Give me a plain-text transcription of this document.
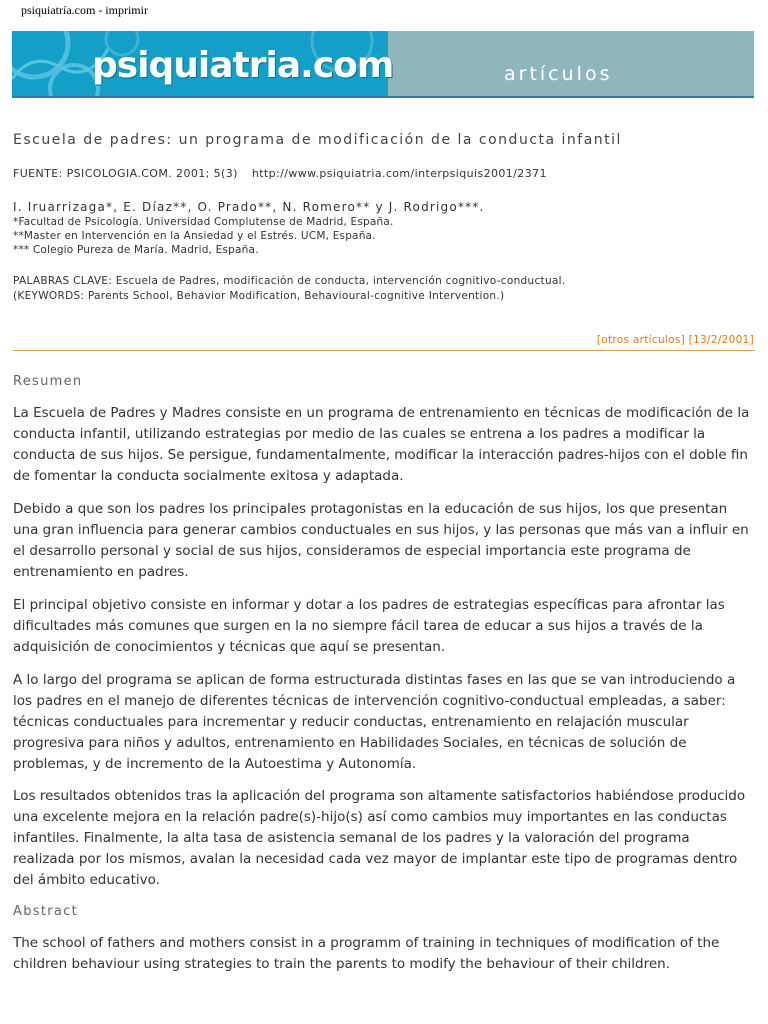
psiquiatría.com - imprimir
psiquiatria.com	artículos
Escuela de padres: un programa de modificación de la conducta infantil
FUENTE: PSICOLOGIA.COM. 2001; 5(3) http://www.psiquiatria.com/interpsiquis2001/2371
I. Iruarrizaga*, E. Díaz**, O. Prado**, N. Romero** y J. Rodrigo***.
*Facultad de Psicología. Universidad Complutense de Madrid, España.
**Master en Intervención en la Ansiedad y el Estrés. UCM, España.
*** Colegio Pureza de María. Madrid, España.
PALABRAS CLAVE: Escuela de Padres, modificación de conducta, intervención cognitivo-conductual.
(KEYWORDS: Parents School, Behavior Modification, Behavioural-cognitive Intervention.)
[otros artículos] [13/2/2001]
Resumen

La Escuela de Padres y Madres consiste en un programa de entrenamiento en técnicas de modificación de la conducta infantil, utilizando estrategias por medio de las cuales se entrena a los padres a modificar la conducta de sus hijos. Se persigue, fundamentalmente, modificar la interacción padres-hijos con el doble fin de fomentar la conducta socialmente exitosa y adaptada.

Debido a que son los padres los principales protagonistas en la educación de sus hijos, los que presentan una gran influencia para generar cambios conductuales en sus hijos, y las personas que más van a influir en el desarrollo personal y social de sus hijos, consideramos de especial importancia este programa de entrenamiento en padres.

El principal objetivo consiste en informar y dotar a los padres de estrategias específicas para afrontar las dificultades más comunes que surgen en la no siempre fácil tarea de educar a sus hijos a través de la adquisición de conocimientos y técnicas que aquí se presentan.

A lo largo del programa se aplican de forma estructurada distintas fases en las que se van introduciendo a los padres en el manejo de diferentes técnicas de intervención cognitivo-conductual empleadas, a saber: técnicas conductuales para incrementar y reducir conductas, entrenamiento en relajación muscular progresiva para niños y adultos, entrenamiento en Habilidades Sociales, en técnicas de solución de problemas, y de incremento de la Autoestima y Autonomía.

Los resultados obtenidos tras la aplicación del programa son altamente satisfactorios habiéndose producido una excelente mejora en la relación padre(s)-hijo(s) así como cambios muy importantes en las conductas infantiles. Finalmente, la alta tasa de asistencia semanal de los padres y la valoración del programa realizada por los mismos, avalan la necesidad cada vez mayor de implantar este tipo de programas dentro del ámbito educativo.

Abstract

The school of fathers and mothers consist in a programm of training in techniques of modification of the children behaviour using strategies to train the parents to modify the behaviour of their children.
